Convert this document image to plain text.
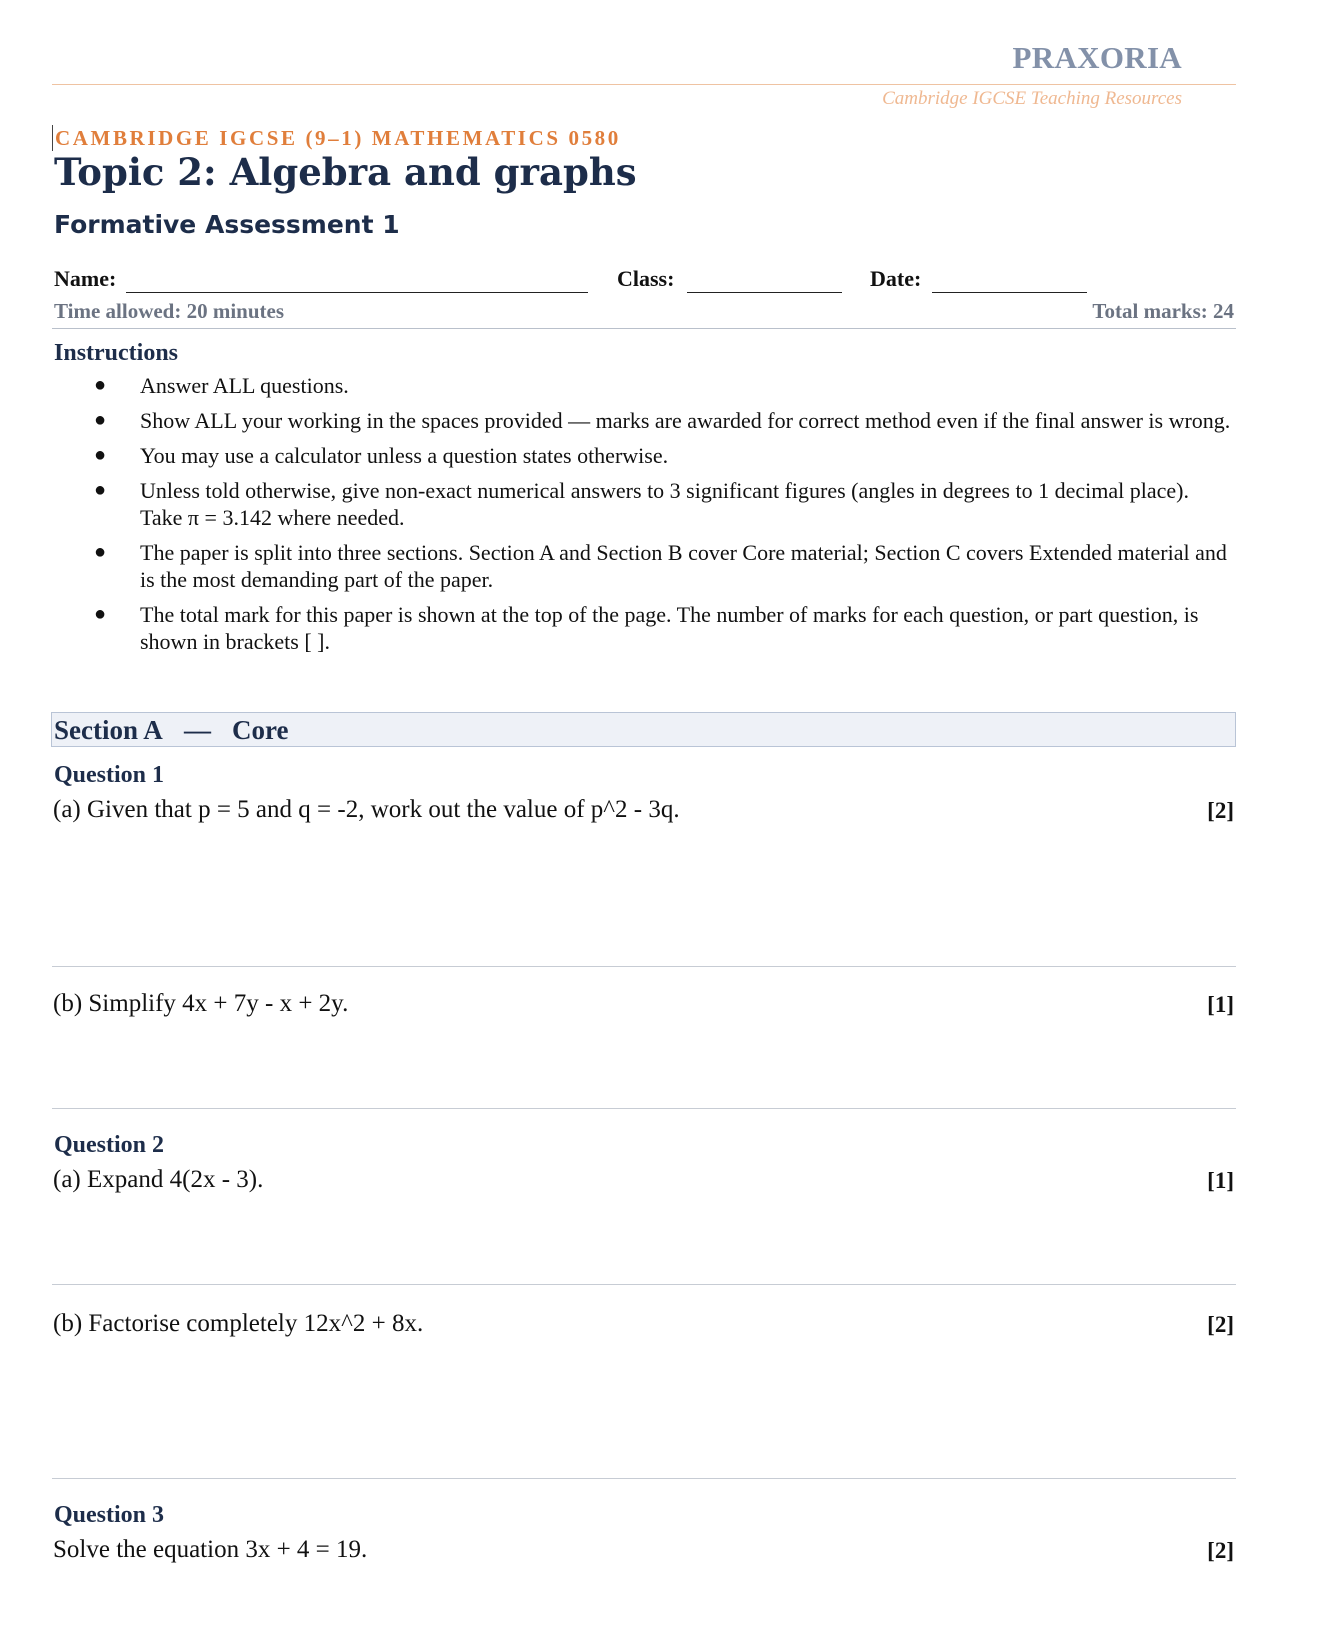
PRAXORIA
Cambridge IGCSE Teaching Resources
CAMBRIDGE IGCSE (9–1) MATHEMATICS 0580
Topic 2: Algebra and graphs
Formative Assessment 1
Name:	Class:	Date:
Time allowed: 20 minutes	Total marks: 24
Instructions
● Answer ALL questions.
● Show ALL your working in the spaces provided — marks are awarded for correct method even if the final answer is wrong.
● You may use a calculator unless a question states otherwise.
● Unless told otherwise, give non-exact numerical answers to 3 significant figures (angles in degrees to 1 decimal place). Take π = 3.142 where needed.
● The paper is split into three sections. Section A and Section B cover Core material; Section C covers Extended material and is the most demanding part of the paper.
● The total mark for this paper is shown at the top of the page. The number of marks for each question, or part question, is shown in brackets [ ].
Section A — Core
Question 1
(a) Given that p = 5 and q = -2, work out the value of p^2 - 3q.	[2]
(b) Simplify 4x + 7y - x + 2y.	[1]
Question 2
(a) Expand 4(2x - 3).	[1]
(b) Factorise completely 12x^2 + 8x.	[2]
Question 3
Solve the equation 3x + 4 = 19.	[2]
